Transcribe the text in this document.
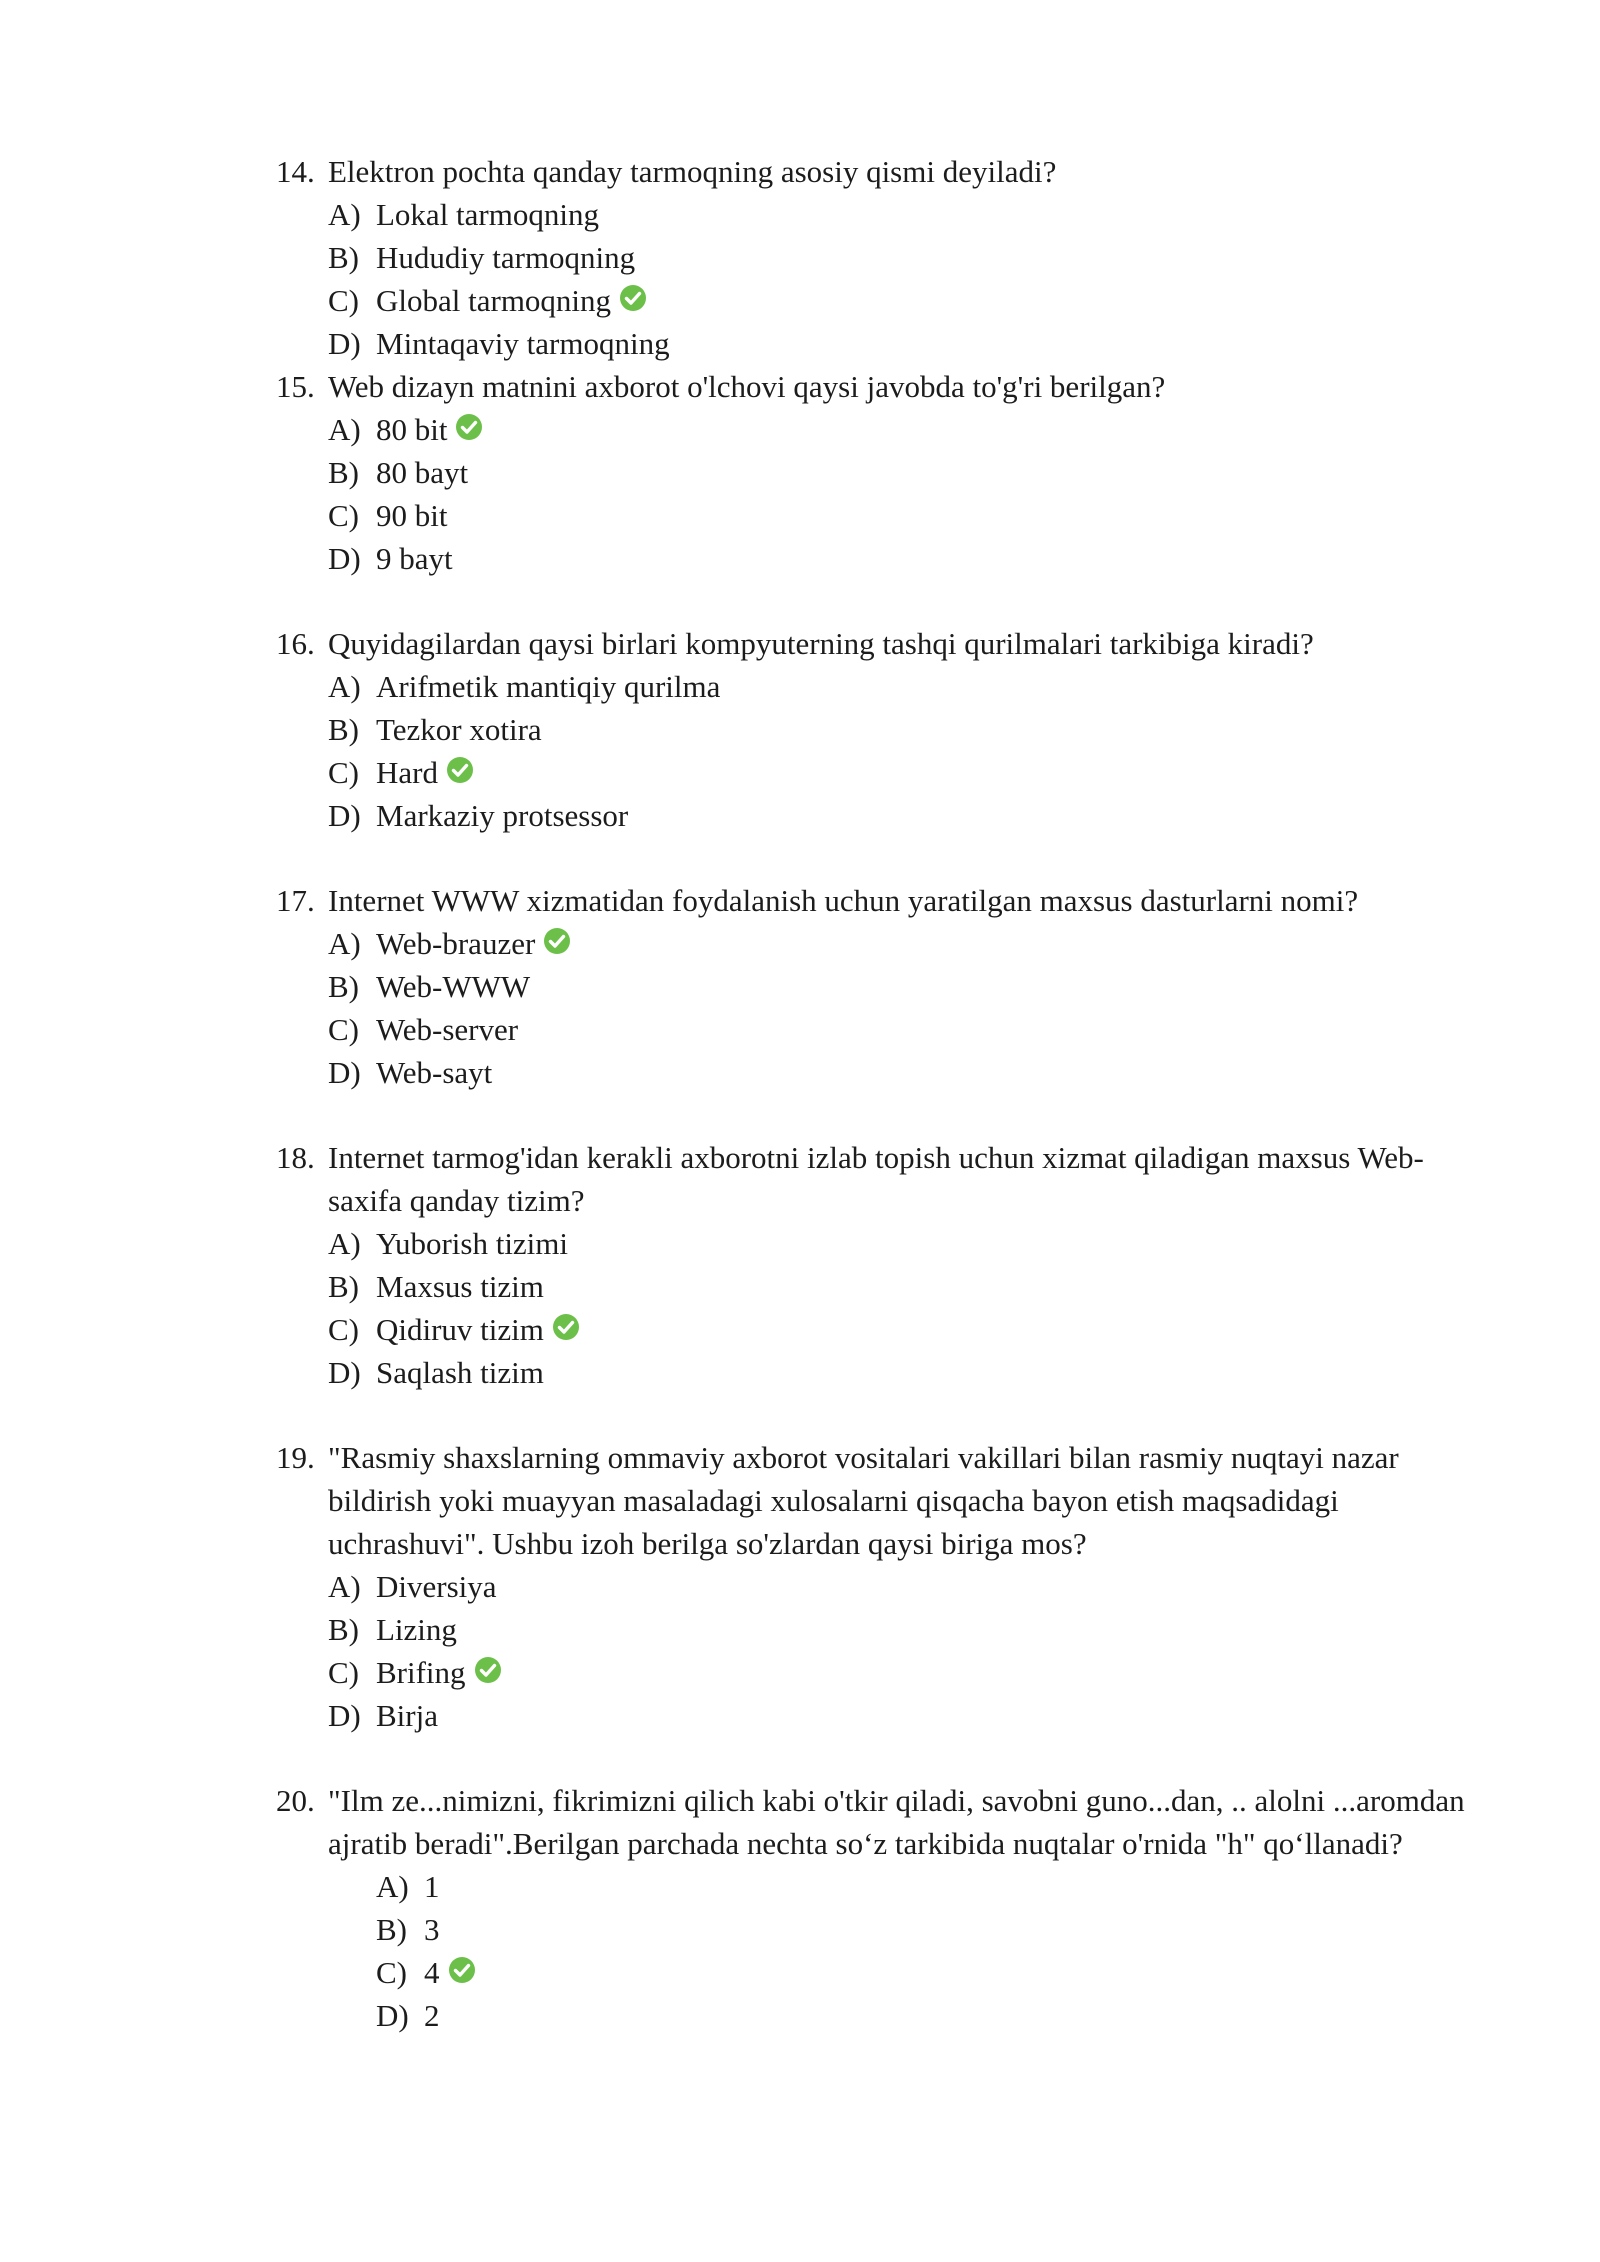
14. Elektron pochta qanday tarmoqning asosiy qismi deyiladi?
A) Lokal tarmoqning
B) Hududiy tarmoqning
C) Global tarmoqning
D) Mintaqaviy tarmoqning
15. Web dizayn matnini axborot o'lchovi qaysi javobda to'g'ri berilgan?
A) 80 bit
B) 80 bayt
C) 90 bit
D) 9 bayt
16. Quyidagilardan qaysi birlari kompyuterning tashqi qurilmalari tarkibiga kiradi?
A) Arifmetik mantiqiy qurilma
B) Tezkor xotira
C) Hard
D) Markaziy protsessor
17. Internet WWW xizmatidan foydalanish uchun yaratilgan maxsus dasturlarni nomi?
A) Web-brauzer
B) Web-WWW
C) Web-server
D) Web-sayt
18. Internet tarmog'idan kerakli axborotni izlab topish uchun xizmat qiladigan maxsus Web-saxifa qanday tizim?
A) Yuborish tizimi
B) Maxsus tizim
C) Qidiruv tizim
D) Saqlash tizim
19. "Rasmiy shaxslarning ommaviy axborot vositalari vakillari bilan rasmiy nuqtayi nazar bildirish yoki muayyan masaladagi xulosalarni qisqacha bayon etish maqsadidagi uchrashuvi". Ushbu izoh berilga so'zlardan qaysi biriga mos?
A) Diversiya
B) Lizing
C) Brifing
D) Birja
20. "Ilm ze...nimizni, fikrimizni qilich kabi o'tkir qiladi, savobni guno...dan, .. alolni ...aromdan ajratib beradi".Berilgan parchada nechta so‘z tarkibida nuqtalar o'rnida "h" qo‘llanadi?
A) 1
B) 3
C) 4
D) 2
